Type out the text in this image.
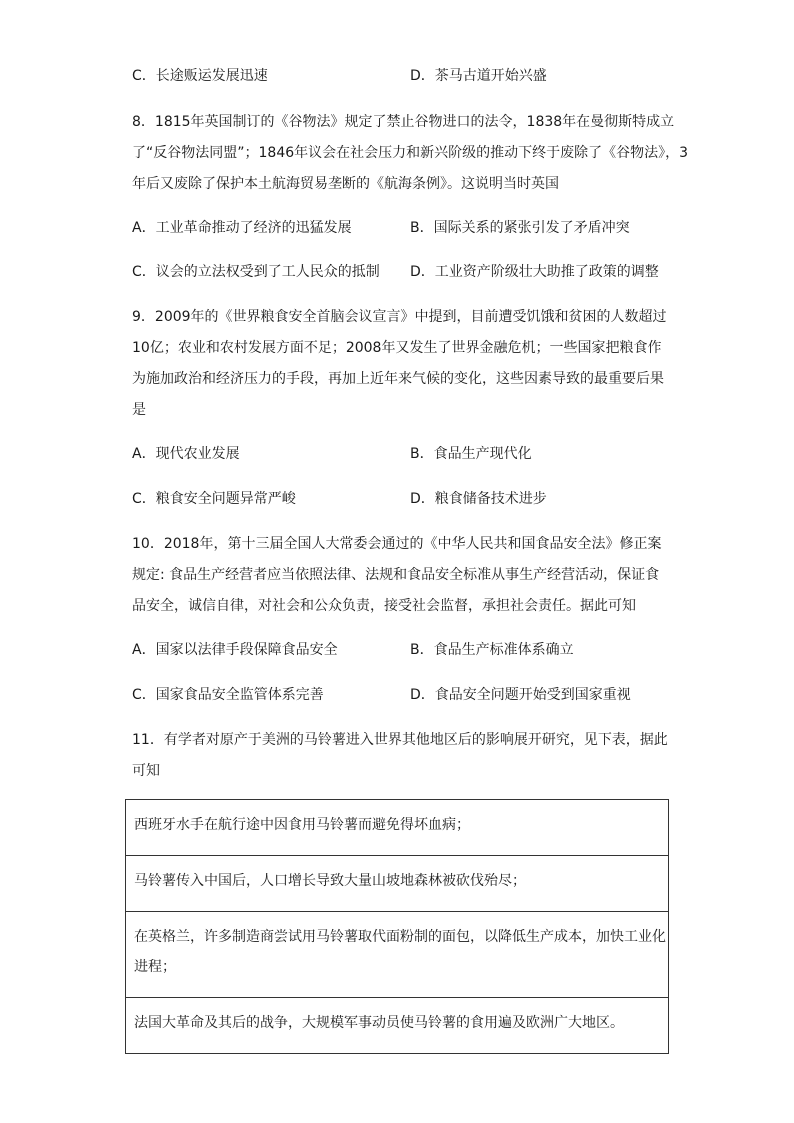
C．长途贩运发展迅速	D．茶马古道开始兴盛
8．1815年英国制订的《谷物法》规定了禁止谷物进口的法令，1838年在曼彻斯特成立
了“反谷物法同盟”；1846年议会在社会压力和新兴阶级的推动下终于废除了《谷物法》，3
年后又废除了保护本土航海贸易垄断的《航海条例》。这说明当时英国
A．工业革命推动了经济的迅猛发展	B．国际关系的紧张引发了矛盾冲突
C．议会的立法权受到了工人民众的抵制 D．工业资产阶级壮大助推了政策的调整
9．2009年的《世界粮食安全首脑会议宣言》中提到，目前遭受饥饿和贫困的人数超过
10亿；农业和农村发展方面不足；2008年又发生了世界金融危机；一些国家把粮食作
为施加政治和经济压力的手段，再加上近年来气候的变化，这些因素导致的最重要后果
是
A．现代农业发展	B．食品生产现代化
C．粮食安全问题异常严峻	D．粮食储备技术进步
10．2018年，第十三届全国人大常委会通过的《中华人民共和国食品安全法》修正案
规定: 食品生产经营者应当依照法律、法规和食品安全标准从事生产经营活动，保证食
品安全，诚信自律，对社会和公众负责，接受社会监督，承担社会责任。据此可知
A．国家以法律手段保障食品安全	B．食品生产标准体系确立
C．国家食品安全监管体系完善	D．食品安全问题开始受到国家重视
11．有学者对原产于美洲的马铃薯进入世界其他地区后的影响展开研究，见下表，据此
可知
西班牙水手在航行途中因食用马铃薯而避免得坏血病；

马铃薯传入中国后，人口增长导致大量山坡地森林被砍伐殆尽；

在英格兰，许多制造商尝试用马铃薯取代面粉制的面包，以降低生产成本，加快工业化
进程；

法国大革命及其后的战争，大规模军事动员使马铃薯的食用遍及欧洲广大地区。
